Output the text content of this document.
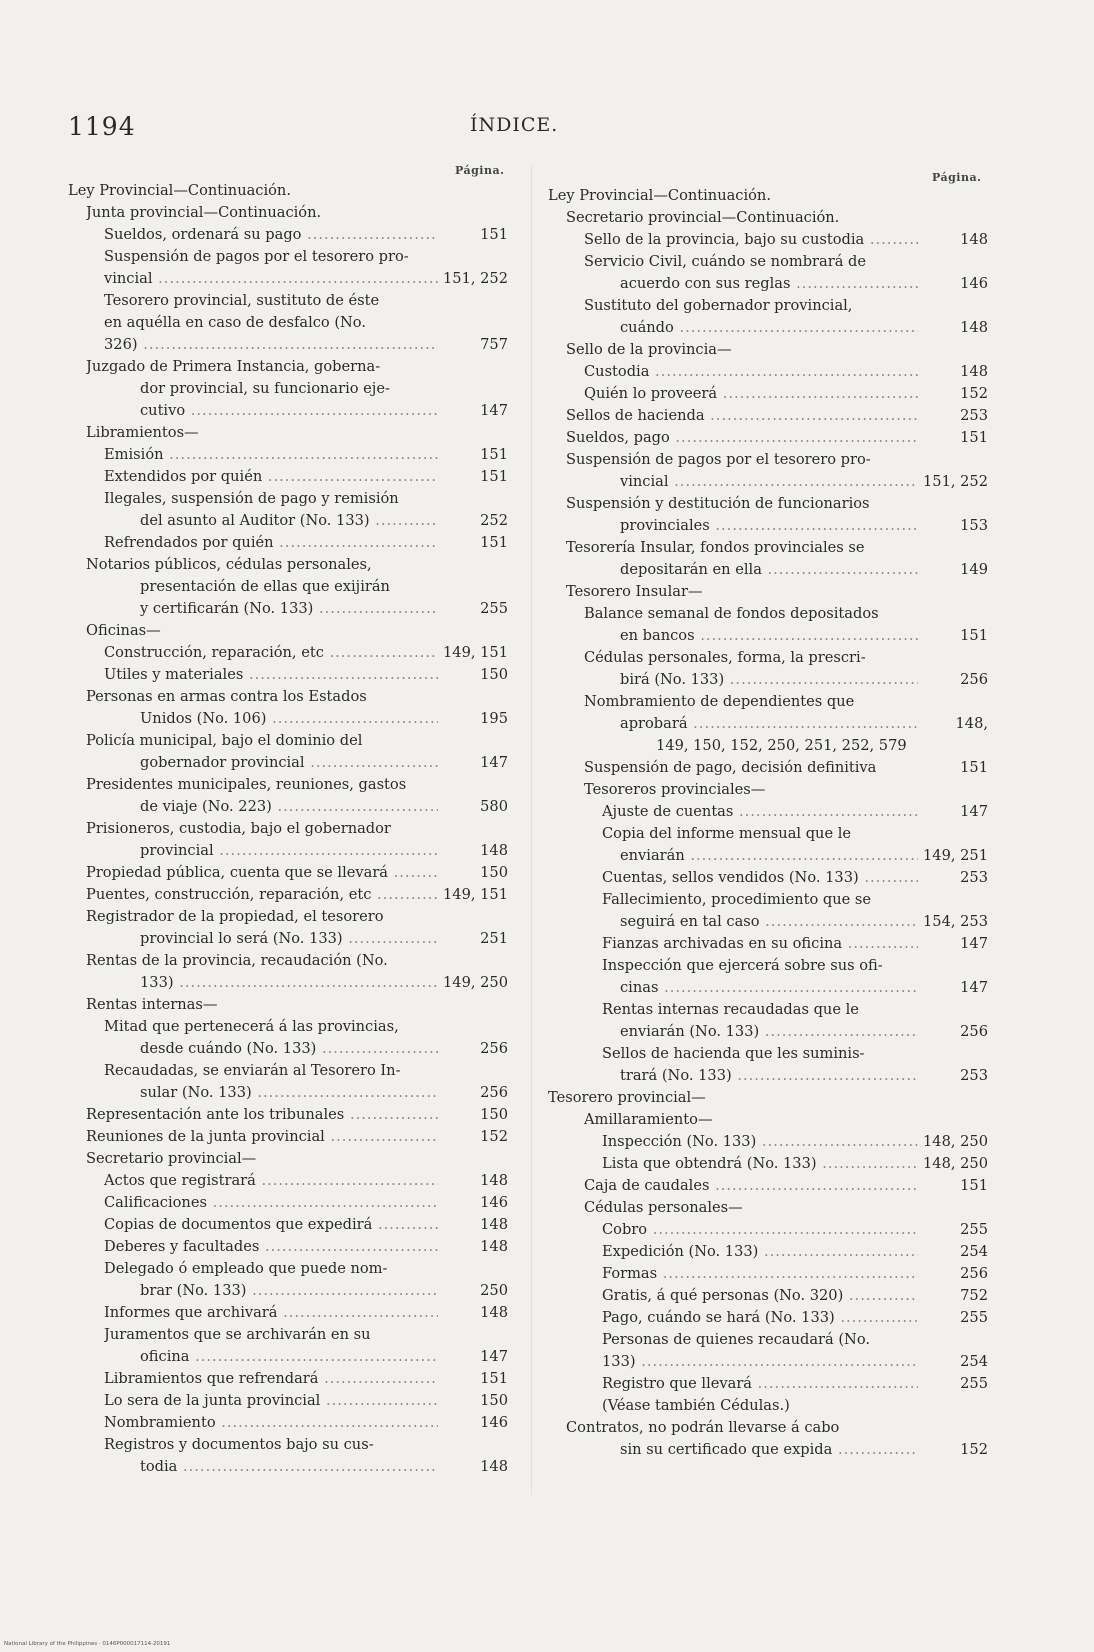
1194	ÍNDICE.
Página.
Página.
Ley Provincial—Continuación.
Junta provincial—Continuación.
Sueldos, ordenará su pago .....	151
Suspensión de pagos por el tesorero pro-
vincial .....	151, 252
Tesorero provincial, sustituto de éste
en aquélla en caso de desfalco (No.
326) .....	757
Juzgado de Primera Instancia, goberna-
dor provincial, su funcionario eje-
cutivo .....	147
Libramientos—
Emisión .....	151
Extendidos por quién .....	151
Ilegales, suspensión de pago y remisión
del asunto al Auditor (No. 133) .....	252
Refrendados por quién .....	151
Notarios públicos, cédulas personales,
presentación de ellas que exijirán
y certificarán (No. 133) .....	255
Oficinas—
Construcción, reparación, etc .....	149, 151
Utiles y materiales .....	150
Personas en armas contra los Estados
Unidos (No. 106) .....	195
Policía municipal, bajo el dominio del
gobernador provincial .....	147
Presidentes municipales, reuniones, gastos
de viaje (No. 223) .....	580
Prisioneros, custodia, bajo el gobernador
provincial .....	148
Propiedad pública, cuenta que se llevará .....	150
Puentes, construcción, reparación, etc .....	149, 151
Registrador de la propiedad, el tesorero
provincial lo será (No. 133) .....	251
Rentas de la provincia, recaudación (No.
133) .....	149, 250
Rentas internas—
Mitad que pertenecerá á las provincias,
desde cuándo (No. 133) .....	256
Recaudadas, se enviarán al Tesorero In-
sular (No. 133) .....	256
Representación ante los tribunales .....	150
Reuniones de la junta provincial .....	152
Secretario provincial—
Actos que registrará .....	148
Calificaciones .....	146
Copias de documentos que expedirá .....	148
Deberes y facultades .....	148
Delegado ó empleado que puede nom-
brar (No. 133) .....	250
Informes que archivará .....	148
Juramentos que se archivarán en su
oficina .....	147
Libramientos que refrendará .....	151
Lo sera de la junta provincial .....	150
Nombramiento .....	146
Registros y documentos bajo su cus-
todia .....	148
Ley Provincial—Continuación.
Secretario provincial—Continuación.
Sello de la provincia, bajo su custodia .....	148
Servicio Civil, cuándo se nombrará de
acuerdo con sus reglas .....	146
Sustituto del gobernador provincial,
cuándo .....	148
Sello de la provincia—
Custodia .....	148
Quién lo proveerá .....	152
Sellos de hacienda .....	253
Sueldos, pago .....	151
Suspensión de pagos por el tesorero pro-
vincial .....	151, 252
Suspensión y destitución de funcionarios
provinciales .....	153
Tesorería Insular, fondos provinciales se
depositarán en ella .....	149
Tesorero Insular—
Balance semanal de fondos depositados
en bancos .....	151
Cédulas personales, forma, la prescri-
birá (No. 133) .....	256
Nombramiento de dependientes que
aprobará .....	148,
149, 150, 152, 250, 251, 252, 579
Suspensión de pago, decisión definitiva	151
Tesoreros provinciales—
Ajuste de cuentas .....	147
Copia del informe mensual que le
enviarán .....	149, 251
Cuentas, sellos vendidos (No. 133) .....	253
Fallecimiento, procedimiento que se
seguirá en tal caso .....	154, 253
Fianzas archivadas en su oficina .....	147
Inspección que ejercerá sobre sus ofi-
cinas .....	147
Rentas internas recaudadas que le
enviarán (No. 133) .....	256
Sellos de hacienda que les suminis-
trará (No. 133) .....	253
Tesorero provincial—
Amillaramiento—
Inspección (No. 133) .....	148, 250
Lista que obtendrá (No. 133) .....	148, 250
Caja de caudales .....	151
Cédulas personales—
Cobro .....	255
Expedición (No. 133) .....	254
Formas .....	256
Gratis, á qué personas (No. 320) .....	752
Pago, cuándo se hará (No. 133) .....	255
Personas de quienes recaudará (No.
133) .....	254
Registro que llevará .....	255
(Véase también Cédulas.)
Contratos, no podrán llevarse á cabo
sin su certificado que expida .....	152
National Library of the Philippines · 0146P000017114·20191
